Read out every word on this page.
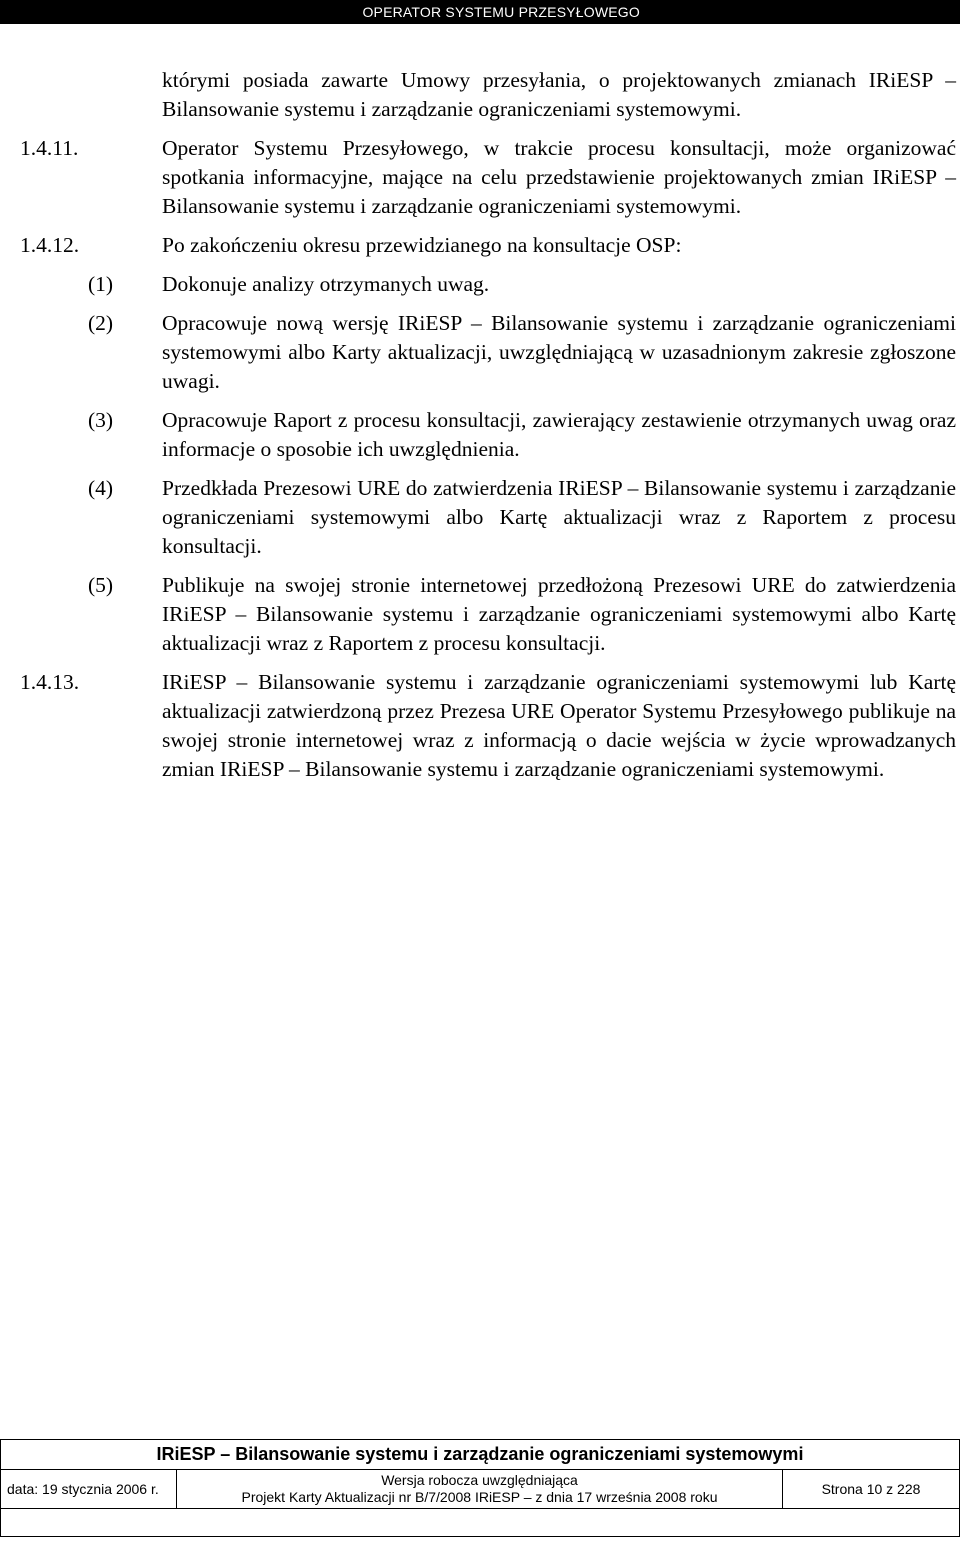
OPERATOR SYSTEMU PRZESYŁOWEGO
którymi posiada zawarte Umowy przesyłania, o projektowanych zmianach IRiESP – Bilansowanie systemu i zarządzanie ograniczeniami systemowymi.
1.4.11.	Operator Systemu Przesyłowego, w trakcie procesu konsultacji, może organizować spotkania informacyjne, mające na celu przedstawienie projektowanych zmian IRiESP – Bilansowanie systemu i zarządzanie ograniczeniami systemowymi.
1.4.12.	Po zakończeniu okresu przewidzianego na konsultacje OSP:
(1)	Dokonuje analizy otrzymanych uwag.
(2)	Opracowuje nową wersję IRiESP – Bilansowanie systemu i zarządzanie ograniczeniami systemowymi albo Karty aktualizacji, uwzględniającą w uzasadnionym zakresie zgłoszone uwagi.
(3)	Opracowuje Raport z procesu konsultacji, zawierający zestawienie otrzymanych uwag oraz informacje o sposobie ich uwzględnienia.
(4)	Przedkłada Prezesowi URE do zatwierdzenia IRiESP – Bilansowanie systemu i zarządzanie ograniczeniami systemowymi albo Kartę aktualizacji wraz z Raportem z procesu konsultacji.
(5)	Publikuje na swojej stronie internetowej przedłożoną Prezesowi URE do zatwierdzenia IRiESP – Bilansowanie systemu i zarządzanie ograniczeniami systemowymi albo Kartę aktualizacji wraz z Raportem z procesu konsultacji.
1.4.13.	IRiESP – Bilansowanie systemu i zarządzanie ograniczeniami systemowymi lub Kartę aktualizacji zatwierdzoną przez Prezesa URE Operator Systemu Przesyłowego publikuje na swojej stronie internetowej wraz z informacją o dacie wejścia w życie wprowadzanych zmian IRiESP – Bilansowanie systemu i zarządzanie ograniczeniami systemowymi.
IRiESP – Bilansowanie systemu i zarządzanie ograniczeniami systemowymi
data: 19 stycznia 2006 r.
Wersja robocza uwzględniająca
Projekt Karty Aktualizacji nr B/7/2008 IRiESP – z dnia 17 września 2008 roku	Strona 10 z 228
